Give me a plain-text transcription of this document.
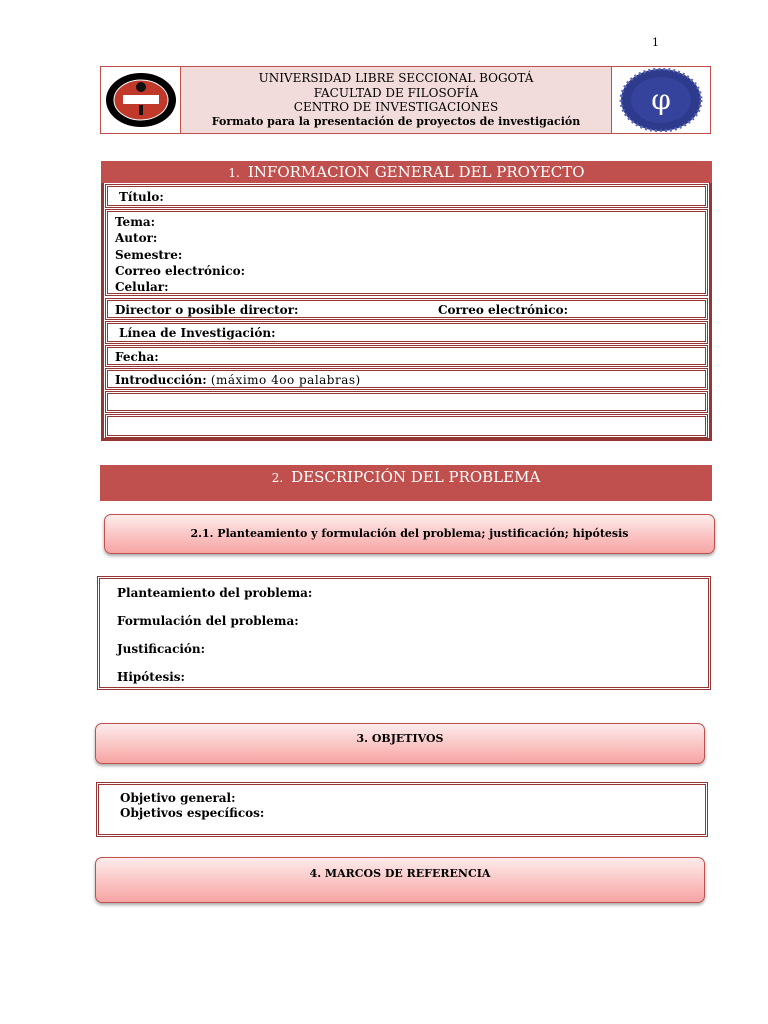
1
UNIVERSIDAD LIBRE SECCIONAL BOGOTÁ
FACULTAD DE FILOSOFÍA
CENTRO DE INVESTIGACIONES
Formato para la presentación de proyectos de investigación
φ
1. INFORMACION GENERAL DEL PROYECTO
Título:
Tema:
Autor:
Semestre:
Correo electrónico:
Celular:
Director o posible director:	Correo electrónico:
Línea de Investigación:
Fecha:
Introducción: (máximo 4oo palabras)
2. DESCRIPCIÓN DEL PROBLEMA
2.1. Planteamiento y formulación del problema; justificación; hipótesis
Planteamiento del problema:
Formulación del problema:
Justificación:
Hipótesis:
3. OBJETIVOS
Objetivo general:
Objetivos específicos:
4. MARCOS DE REFERENCIA
